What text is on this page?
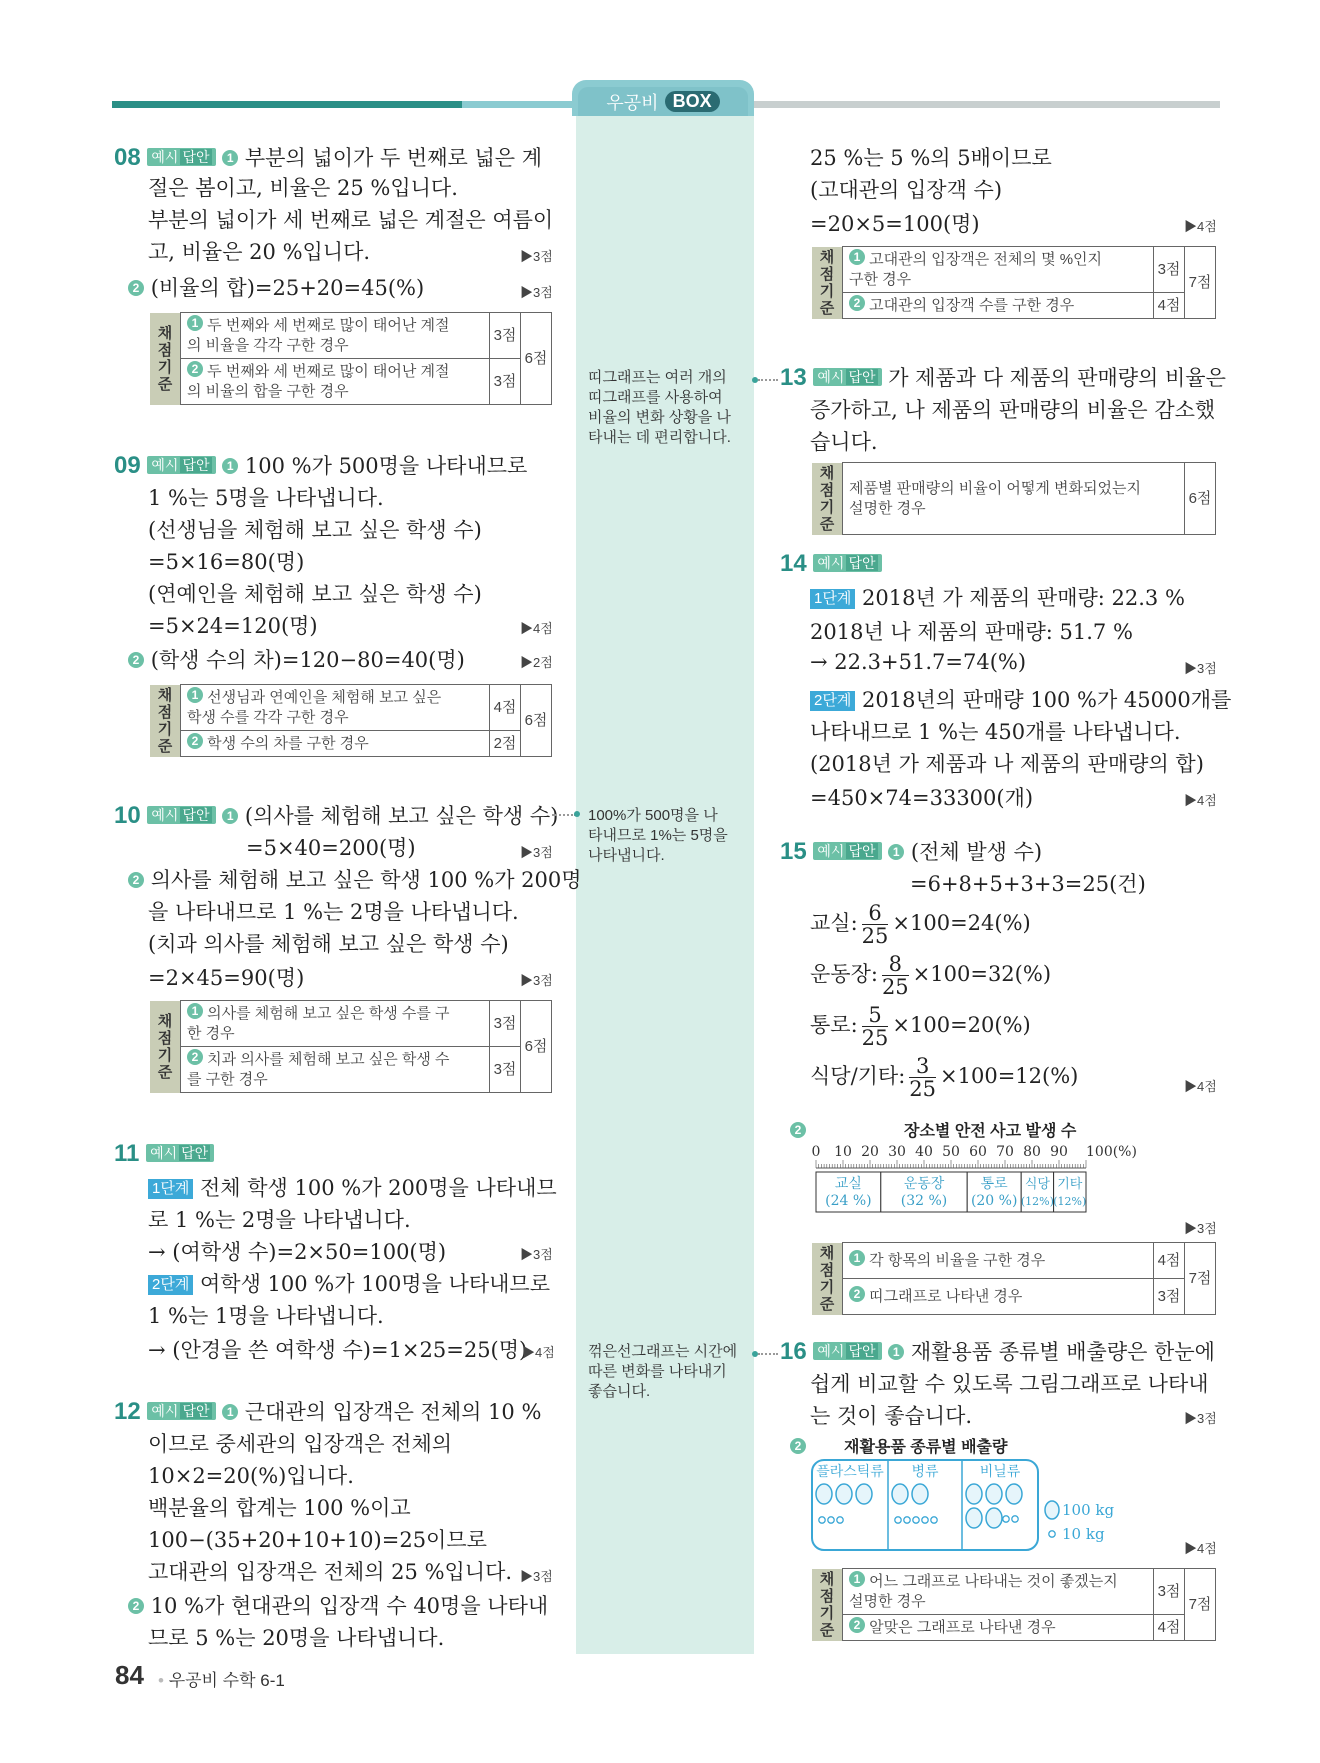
우공비 BOX
08 예시 답안 1 부분의 넓이가 두 번째로 넓은 계
절은 봄이고, 비율은 25 %입니다.
부분의 넓이가 세 번째로 넓은 계절은 여름이
고, 비율은 20 %입니다.	▶3점
2 (비율의 합)=25+20=45(%)	▶3점
채점
기준	1 두 번째와 세 번째로 많이 태어난 계절
의 비율을 각각 구한 경우	3점	6점
	2 두 번째와 세 번째로 많이 태어난 계절
의 비율의 합을 구한 경우	3점	
09 예시 답안 1 100 %가 500명을 나타내므로
1 %는 5명을 나타냅니다.
(선생님을 체험해 보고 싶은 학생 수)
=5×16=80(명)
(연예인을 체험해 보고 싶은 학생 수)
=5×24=120(명)	▶4점
2 (학생 수의 차)=120−80=40(명)	▶2점
채점
기준	1 선생님과 연예인을 체험해 보고 싶은
학생 수를 각각 구한 경우	4점	6점
	2 학생 수의 차를 구한 경우	2점	
10 예시 답안 1 (의사를 체험해 보고 싶은 학생 수)
=5×40=200(명)	▶3점
2 의사를 체험해 보고 싶은 학생 100 %가 200명
을 나타내므로 1 %는 2명을 나타냅니다.
(치과 의사를 체험해 보고 싶은 학생 수)
=2×45=90(명)	▶3점
채점
기준	1 의사를 체험해 보고 싶은 학생 수를 구
한 경우	3점	6점
	2 치과 의사를 체험해 보고 싶은 학생 수
를 구한 경우	3점	
11 예시 답안
1단계 전체 학생 100 %가 200명을 나타내므
로 1 %는 2명을 나타냅니다.
→ (여학생 수)=2×50=100(명)	▶3점
2단계 여학생 100 %가 100명을 나타내므로
1 %는 1명을 나타냅니다.
→ (안경을 쓴 여학생 수)=1×25=25(명)
▶4점
12 예시 답안 1 근대관의 입장객은 전체의 10 %
이므로 중세관의 입장객은 전체의
10×2=20(%)입니다.
백분율의 합계는 100 %이고
100−(35+20+10+10)=25이므로
고대관의 입장객은 전체의 25 %입니다. ▶3점
2 10 %가 현대관의 입장객 수 40명을 나타내
므로 5 %는 20명을 나타냅니다.
띠그래프는 여러 개의
띠그래프를 사용하여
비율의 변화 상황을 나
타내는 데 편리합니다.
100%가 500명을 나
타내므로 1%는 5명을
나타냅니다.
꺾은선그래프는 시간에
따른 변화를 나타내기
좋습니다.
25 %는 5 %의 5배이므로
(고대관의 입장객 수)
=20×5=100(명)	▶4점
채점
기준	1 고대관의 입장객은 전체의 몇 %인지
구한 경우	3점	7점
	2 고대관의 입장객 수를 구한 경우	4점	
13 예시 답안 가 제품과 다 제품의 판매량의 비율은
증가하고, 나 제품의 판매량의 비율은 감소했
습니다.
채점
기준	제품별 판매량의 비율이 어떻게 변화되었는지
설명한 경우	6점
14 예시 답안
1단계 2018년 가 제품의 판매량: 22.3 %
2018년 나 제품의 판매량: 51.7 %
→ 22.3+51.7=74(%)	▶3점
2단계 2018년의 판매량 100 %가 45000개를
나타내므로 1 %는 450개를 나타냅니다.
(2018년 가 제품과 나 제품의 판매량의 합)
=450×74=33300(개)	▶4점
15 예시 답안 1 (전체 발생 수)
=6+8+5+3+3=25(건)
교실: $\frac{6}{25} \times 100=24(\%)$
운동장: $\frac{8}{25} \times 100=32(\%)$
통로: $\frac{5}{25} \times 100=20(\%)$
식당/기타: $\frac{3}{25} \times 100=12(\%)$	▶4점
2	장소별 안전 사고 발생 수
0 10 20 30 40 50 60 70 80 90 100(%)
교실
(24 %)
운동장
(32 %)
통로
(20 %)
식당
(12%)
기타
(12%)
▶3점
채점
기준	1 각 항목의 비율을 구한 경우	4점	7점
	2 띠그래프로 나타낸 경우	3점	
16 예시 답안 1 재활용품 종류별 배출량은 한눈에
쉽게 비교할 수 있도록 그림그래프로 나타내
는 것이 좋습니다.	▶3점
2	재활용품 종류별 배출량
플라스틱류 병류	비닐류
100 kg
10 kg
▶4점
채점
기준	1 어느 그래프로 나타내는 것이 좋겠는지
설명한 경우	3점	7점
	2 알맞은 그래프로 나타낸 경우	4점	
84 • 우공비 수학 6-1
